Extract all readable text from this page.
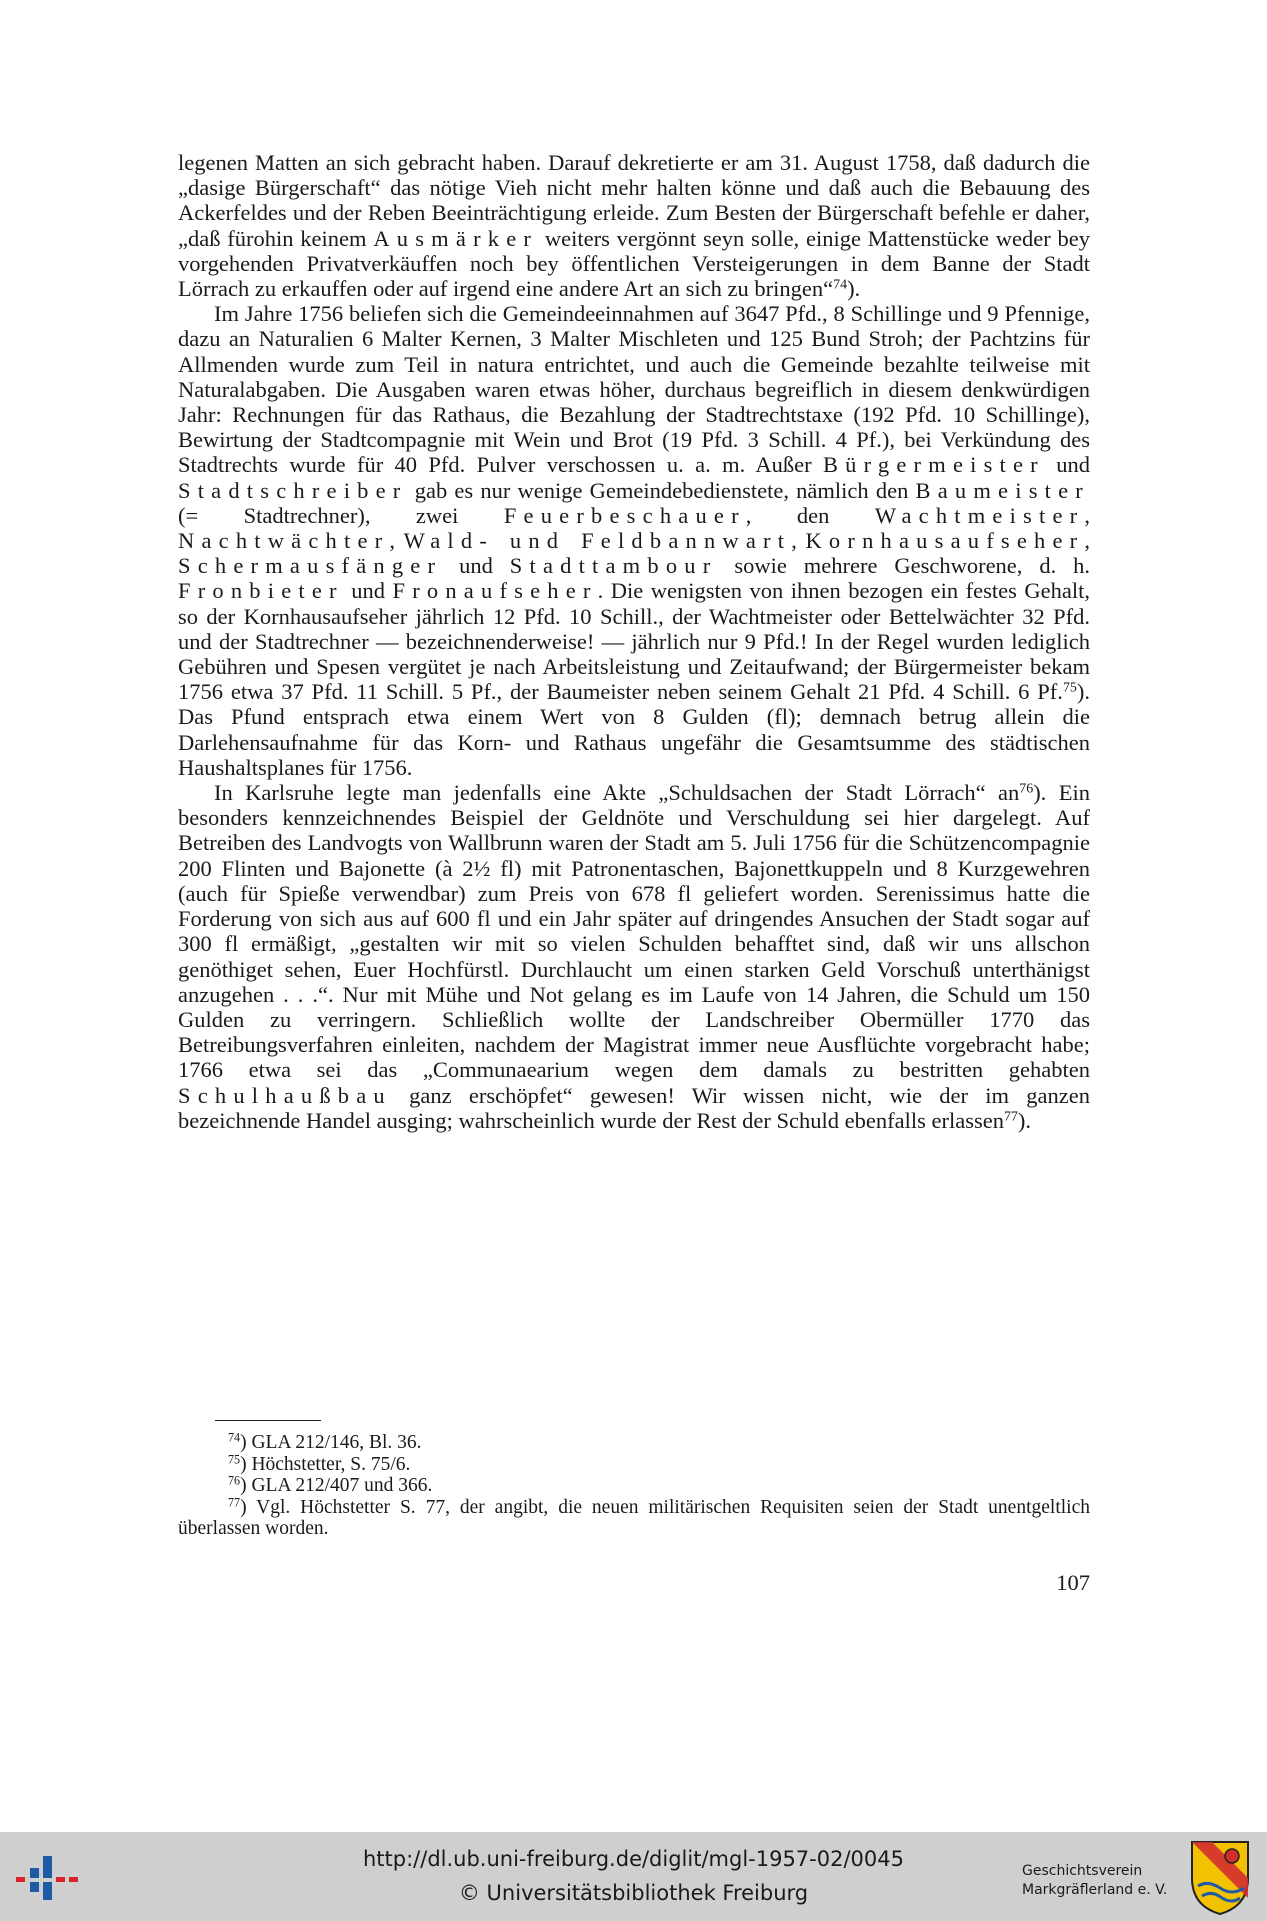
legenen Matten an sich gebracht haben. Darauf dekretierte er am 31. August 1758, daß dadurch die „dasige Bürgerschaft“ das nötige Vieh nicht mehr halten könne und daß auch die Bebauung des Ackerfeldes und der Reben Beeinträchtigung erleide. Zum Besten der Bürgerschaft befehle er daher, „daß fürohin keinem Ausmärker weiters vergönnt seyn solle, einige Mattenstücke weder bey vorgehenden Privatverkäuffen noch bey öffentlichen Versteigerungen in dem Banne der Stadt Lörrach zu erkauffen oder auf irgend eine andere Art an sich zu bringen“$^{74}$).

Im Jahre 1756 beliefen sich die Gemeindeeinnahmen auf 3647 Pfd., 8 Schillinge und 9 Pfennige, dazu an Naturalien 6 Malter Kernen, 3 Malter Mischleten und 125 Bund Stroh; der Pachtzins für Allmenden wurde zum Teil in natura entrichtet, und auch die Gemeinde bezahlte teilweise mit Naturalabgaben. Die Ausgaben waren etwas höher, durchaus begreiflich in diesem denkwürdigen Jahr: Rechnungen für das Rathaus, die Bezahlung der Stadtrechtstaxe (192 Pfd. 10 Schillinge), Bewirtung der Stadtcompagnie mit Wein und Brot (19 Pfd. 3 Schill. 4 Pf.), bei Verkündung des Stadtrechts wurde für 40 Pfd. Pulver verschossen u. a. m. Außer Bürgermeister und Stadtschreiber gab es nur wenige Gemeindebedienstete, nämlich den Baumeister (= Stadtrechner), zwei Feuerbeschauer, den Wachtmeister, Nachtwächter, Wald- und Feldbannwart, Kornhausaufseher, Schermausfänger und Stadttambour sowie mehrere Geschworene, d. h. Fronbieter und Fronaufseher. Die wenigsten von ihnen bezogen ein festes Gehalt, so der Kornhausaufseher jährlich 12 Pfd. 10 Schill., der Wachtmeister oder Bettelwächter 32 Pfd. und der Stadtrechner — bezeichnenderweise! — jährlich nur 9 Pfd.! In der Regel wurden lediglich Gebühren und Spesen vergütet je nach Arbeitsleistung und Zeitaufwand; der Bürgermeister bekam 1756 etwa 37 Pfd. 11 Schill. 5 Pf., der Baumeister neben seinem Gehalt 21 Pfd. 4 Schill. 6 Pf.$^{75}$). Das Pfund entsprach etwa einem Wert von 8 Gulden (fl); demnach betrug allein die Darlehensaufnahme für das Korn- und Rathaus ungefähr die Gesamtsumme des städtischen Haushaltsplanes für 1756.

In Karlsruhe legte man jedenfalls eine Akte „Schuldsachen der Stadt Lörrach“ $an^{76}$). Ein besonders kennzeichnendes Beispiel der Geldnöte und Verschuldung sei hier dargelegt. Auf Betreiben des Landvogts von Wallbrunn waren der Stadt am 5. Juli 1756 für die Schützencompagnie 200 Flinten und Bajonette (à 2½ fl) mit Patronentaschen, Bajonettkuppeln und 8 Kurzgewehren (auch für Spieße verwendbar) zum Preis von 678 fl geliefert worden. Serenissimus hatte die Forderung von sich aus auf 600 fl und ein Jahr später auf dringendes Ansuchen der Stadt sogar auf 300 fl ermäßigt, „gestalten wir mit so vielen Schulden behafftet sind, daß wir uns allschon genöthiget sehen, Euer Hochfürstl. Durchlaucht um einen starken Geld Vorschuß unterthänigst anzugehen . . .“. Nur mit Mühe und Not gelang es im Laufe von 14 Jahren, die Schuld um 150 Gulden zu verringern. Schließlich wollte der Landschreiber Obermüller 1770 das Betreibungsverfahren einleiten, nachdem der Magistrat immer neue Ausflüchte vorgebracht habe; 1766 etwa sei das „Communaearium wegen dem damals zu bestritten gehabten Schulhaußbau ganz erschöpfet“ gewesen! Wir wissen nicht, wie der im ganzen bezeichnende Handel ausging; wahrscheinlich wurde der Rest der Schuld ebenfalls erlassen$^{77}$).

$^{74}$) GLA 212/146, Bl. 36.

$^{75}$) Höchstetter, S. 75/6.

$^{76}$) GLA 212/407 und 366.

$^{77}$) Vgl. Höchstetter S. 77, der angibt, die neuen militärischen Requisiten seien der Stadt unentgeltlich überlassen worden.

107
http://dl.ub.uni-freiburg.de/diglit/mgl-1957-02/0045
© Universitätsbibliothek Freiburg
Geschichtsverein
Markgräflerland e. V.
